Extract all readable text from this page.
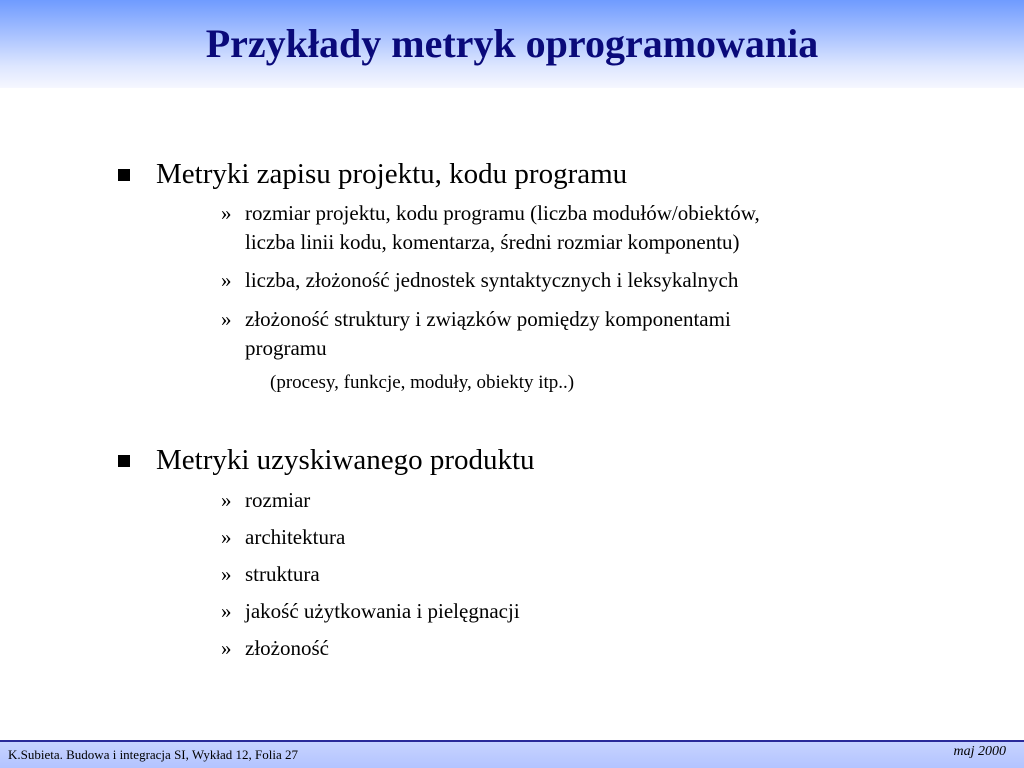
Przykłady metryk oprogramowania
Metryki zapisu projektu, kodu programu
» rozmiar projektu, kodu programu (liczba modułów/obiektów,
liczba linii kodu, komentarza, średni rozmiar komponentu)
» liczba, złożoność jednostek syntaktycznych i leksykalnych
» złożoność struktury i związków pomiędzy komponentami
programu
(procesy, funkcje, moduły, obiekty itp..)
Metryki uzyskiwanego produktu
» rozmiar
» architektura
» struktura
» jakość użytkowania i pielęgnacji
» złożoność
K.Subieta. Budowa i integracja SI, Wykład 12, Folia 27	maj 2000
